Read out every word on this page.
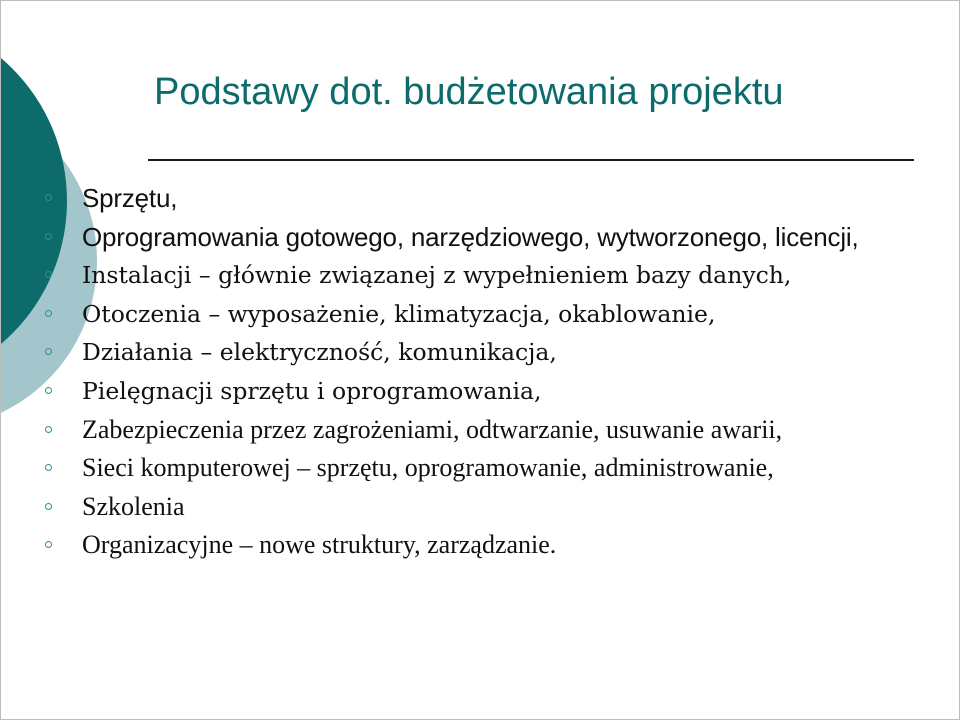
Podstawy dot. budżetowania projektu
Sprzętu,
Oprogramowania gotowego, narzędziowego, wytworzonego, licencji,
Instalacji – głównie związanej z wypełnieniem bazy danych,
Otoczenia – wyposażenie, klimatyzacja, okablowanie,
Działania – elektryczność, komunikacja,
Pielęgnacji sprzętu i oprogramowania,
Zabezpieczenia przez zagrożeniami, odtwarzanie, usuwanie awarii,
Sieci komputerowej – sprzętu, oprogramowanie, administrowanie,
Szkolenia
Organizacyjne – nowe struktury, zarządzanie.
